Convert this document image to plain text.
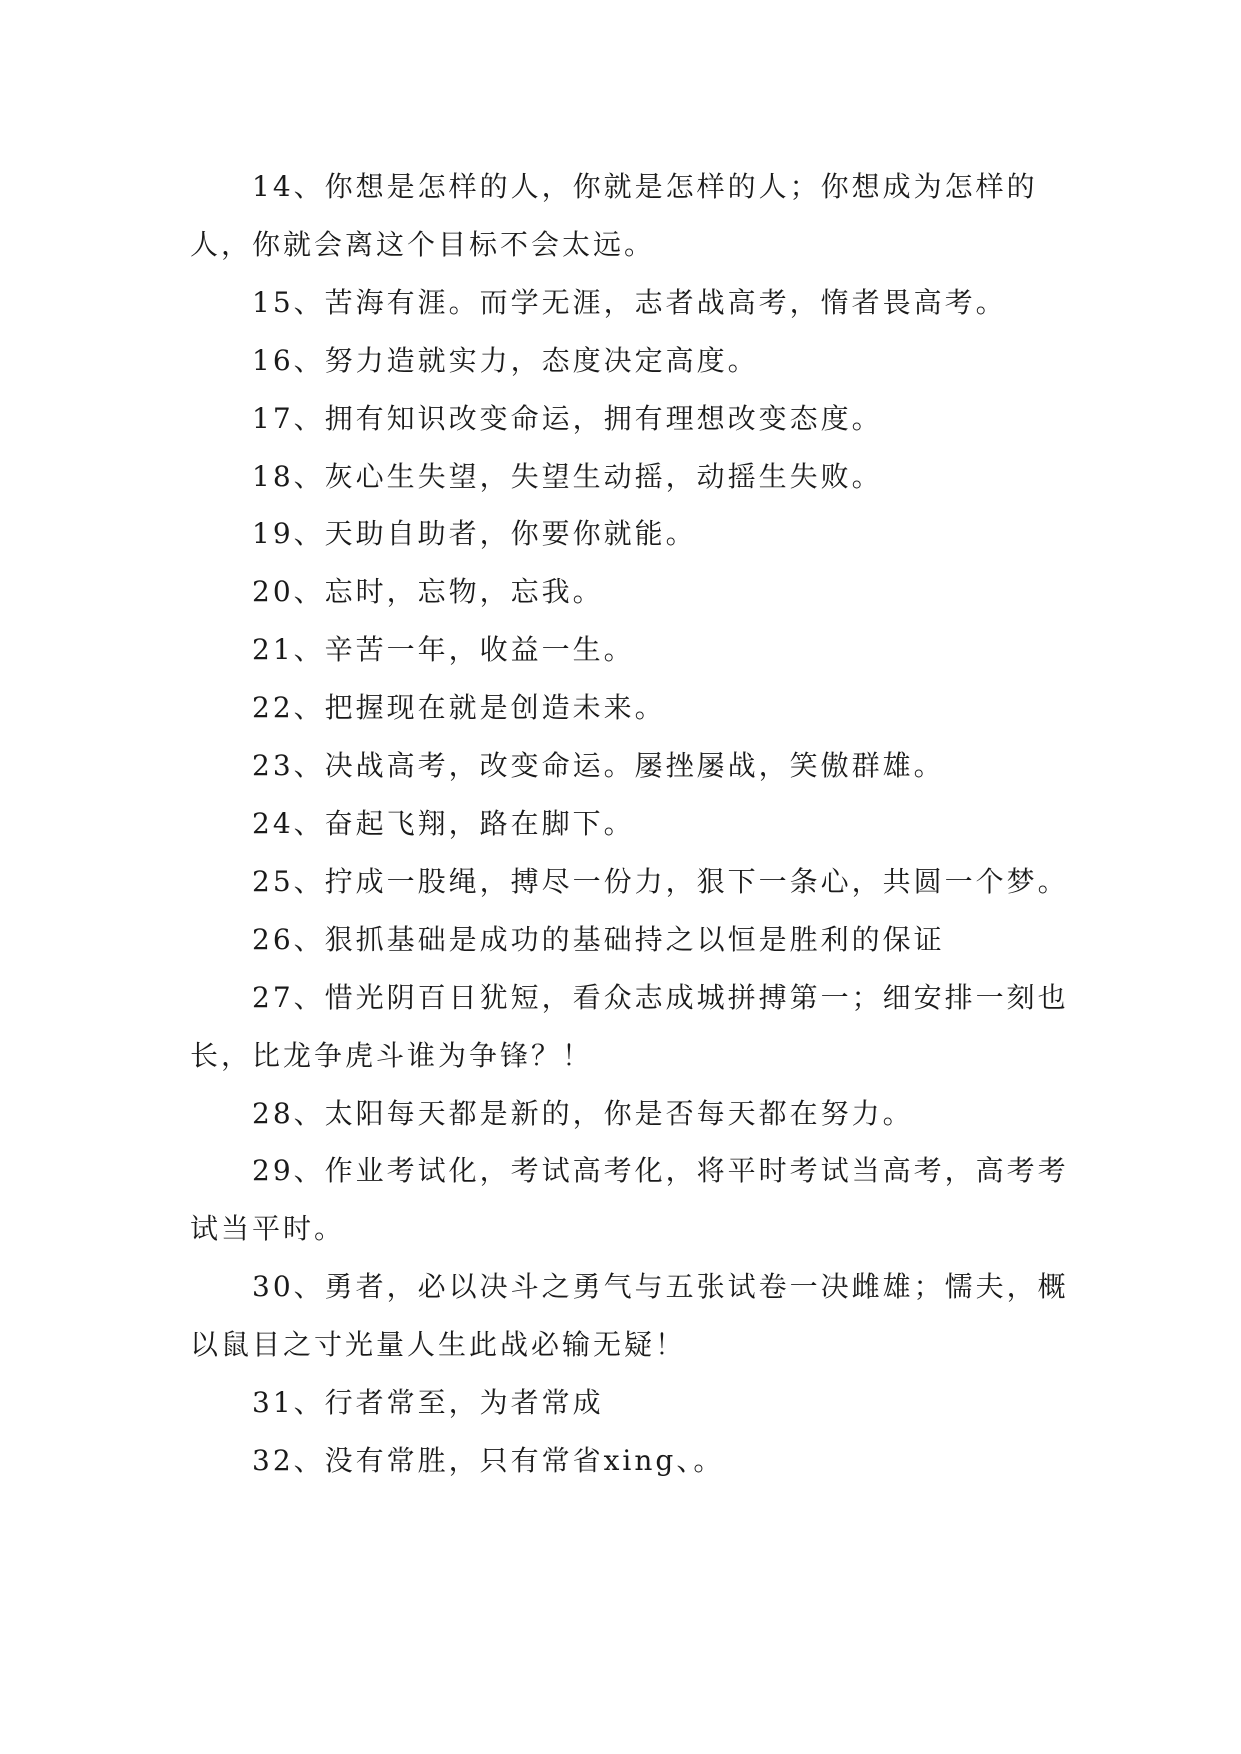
14、你想是怎样的人，你就是怎样的人；你想成为怎样的人，你就会离这个目标不会太远。

15、苦海有涯。而学无涯，志者战高考，惰者畏高考。

16、努力造就实力，态度决定高度。

17、拥有知识改变命运，拥有理想改变态度。

18、灰心生失望，失望生动摇，动摇生失败。

19、天助自助者，你要你就能。

20、忘时，忘物，忘我。

21、辛苦一年，收益一生。

22、把握现在就是创造未来。

23、决战高考，改变命运。屡挫屡战，笑傲群雄。

24、奋起飞翔，路在脚下。

25、拧成一股绳，搏尽一份力，狠下一条心，共圆一个梦。

26、狠抓基础是成功的基础持之以恒是胜利的保证

27、惜光阴百日犹短，看众志成城拼搏第一；细安排一刻也长，比龙争虎斗谁为争锋？！

28、太阳每天都是新的，你是否每天都在努力。

29、作业考试化，考试高考化，将平时考试当高考，高考考试当平时。

30、勇者，必以决斗之勇气与五张试卷一决雌雄；懦夫，概以鼠目之寸光量人生此战必输无疑！

31、行者常至，为者常成

32、没有常胜，只有常省xing、。
